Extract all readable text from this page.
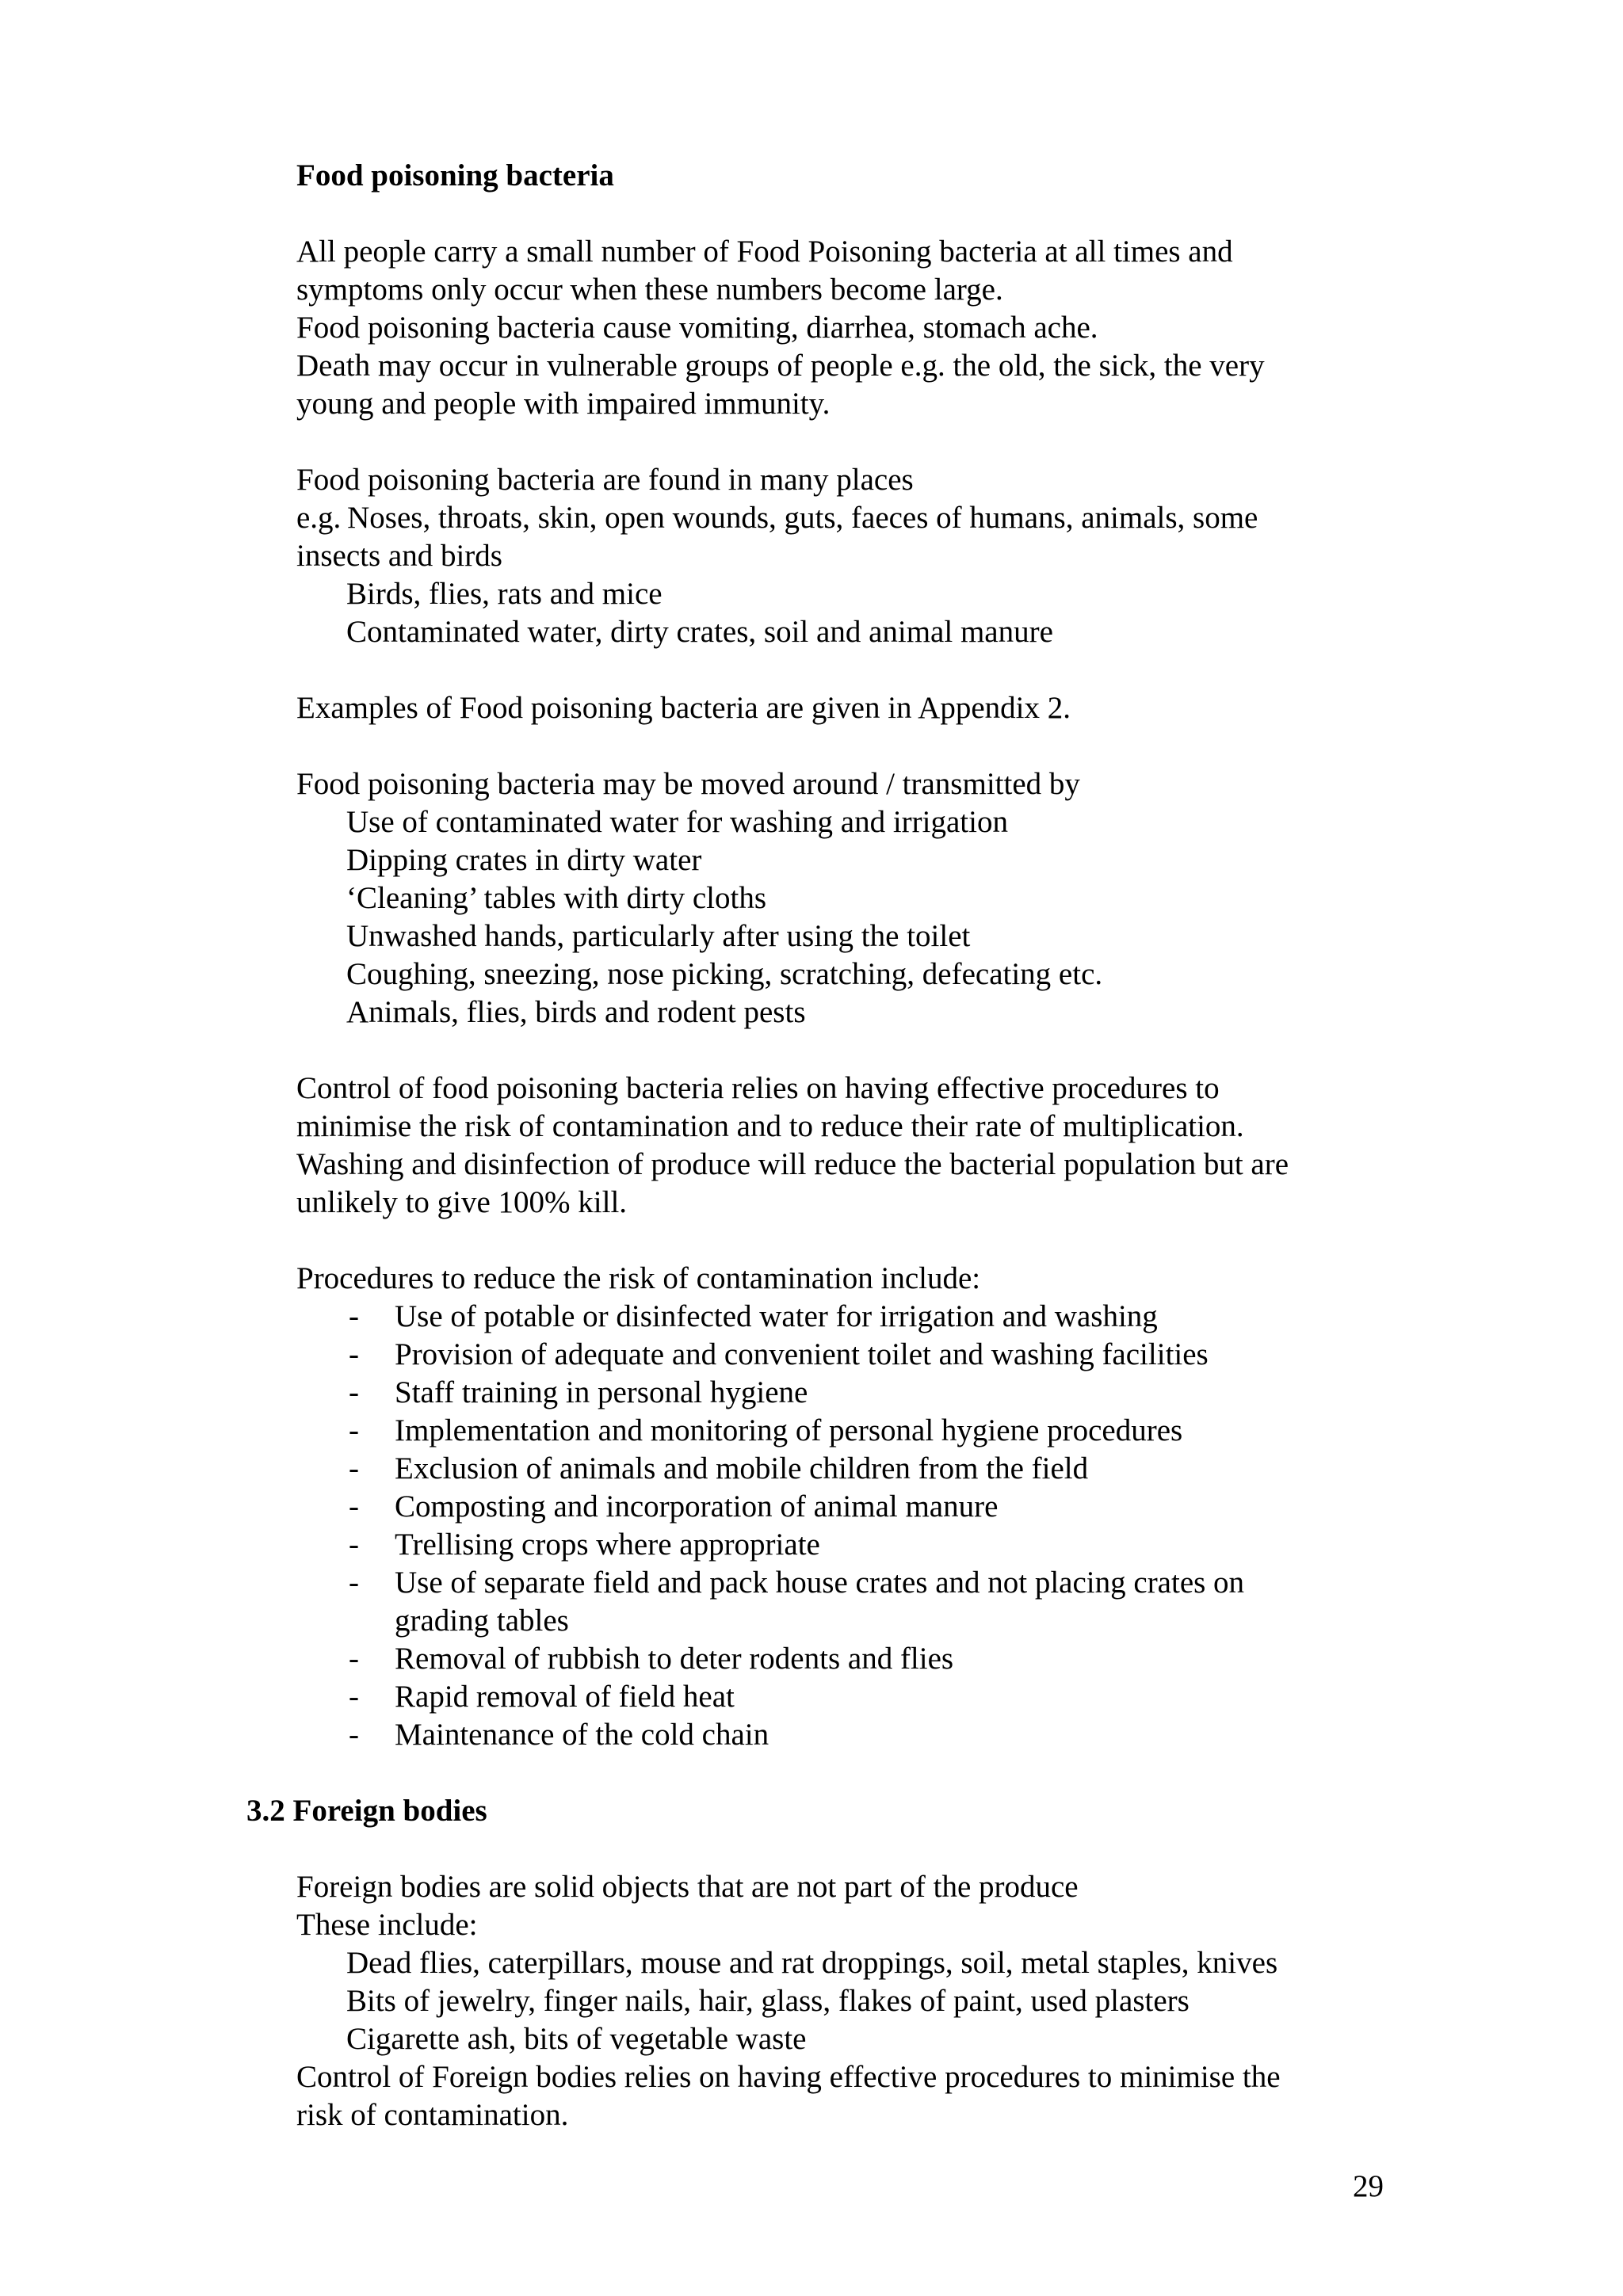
Food poisoning bacteria
All people carry a small number of Food Poisoning bacteria at all times and
symptoms only occur when these numbers become large.
Food poisoning bacteria cause vomiting, diarrhea, stomach ache.
Death may occur in vulnerable groups of people e.g. the old, the sick, the very
young and people with impaired immunity.
Food poisoning bacteria are found in many places
e.g. Noses, throats, skin, open wounds, guts, faeces of humans, animals, some
insects and birds
Birds, flies, rats and mice
Contaminated water, dirty crates, soil and animal manure
Examples of Food poisoning bacteria are given in Appendix 2.
Food poisoning bacteria may be moved around / transmitted by
Use of contaminated water for washing and irrigation
Dipping crates in dirty water
‘Cleaning’ tables with dirty cloths
Unwashed hands, particularly after using the toilet
Coughing, sneezing, nose picking, scratching, defecating etc.
Animals, flies, birds and rodent pests
Control of food poisoning bacteria relies on having effective procedures to
minimise the risk of contamination and to reduce their rate of multiplication.
Washing and disinfection of produce will reduce the bacterial population but are
unlikely to give 100% kill.
Procedures to reduce the risk of contamination include:
- Use of potable or disinfected water for irrigation and washing
- Provision of adequate and convenient toilet and washing facilities
- Staff training in personal hygiene
- Implementation and monitoring of personal hygiene procedures
- Exclusion of animals and mobile children from the field
- Composting and incorporation of animal manure
- Trellising crops where appropriate
- Use of separate field and pack house crates and not placing crates on
grading tables
- Removal of rubbish to deter rodents and flies
- Rapid removal of field heat
- Maintenance of the cold chain
3.2 Foreign bodies
Foreign bodies are solid objects that are not part of the produce
These include:
Dead flies, caterpillars, mouse and rat droppings, soil, metal staples, knives
Bits of jewelry, finger nails, hair, glass, flakes of paint, used plasters
Cigarette ash, bits of vegetable waste
Control of Foreign bodies relies on having effective procedures to minimise the
risk of contamination.
29
